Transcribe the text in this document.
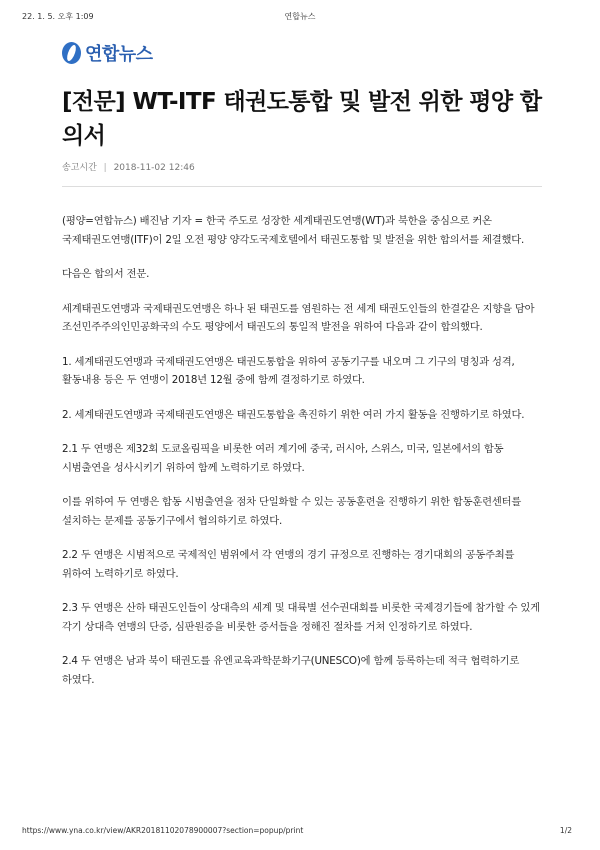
22. 1. 5. 오후 1:09	연합뉴스
연합뉴스
[전문] WT-ITF 태권도통합 및 발전 위한 평양 합의서
송고시간 | 2018-11-02 12:46

(평양=연합뉴스) 배진남 기자 = 한국 주도로 성장한 세계태권도연맹(WT)과 북한을 중심으로 커온 국제태권도연맹(ITF)이 2일 오전 평양 양각도국제호텔에서 태권도통합 및 발전을 위한 합의서를 체결했다.

다음은 합의서 전문.

세계태권도연맹과 국제태권도연맹은 하나 된 태권도를 염원하는 전 세계 태권도인들의 한결같은 지향을 담아 조선민주주의인민공화국의 수도 평양에서 태권도의 통일적 발전을 위하여 다음과 같이 합의했다.

1. 세계태권도연맹과 국제태권도연맹은 태권도통합을 위하여 공동기구를 내오며 그 기구의 명칭과 성격, 활동내용 등은 두 연맹이 2018년 12월 중에 함께 결정하기로 하였다.

2. 세계태권도연맹과 국제태권도연맹은 태권도통합을 촉진하기 위한 여러 가지 활동을 진행하기로 하였다.

2.1 두 연맹은 제32회 도쿄올림픽을 비롯한 여러 계기에 중국, 러시아, 스위스, 미국, 일본에서의 합동 시범출연을 성사시키기 위하여 함께 노력하기로 하였다.

이를 위하여 두 연맹은 합동 시범출연을 점차 단일화할 수 있는 공동훈련을 진행하기 위한 합동훈련센터를 설치하는 문제를 공동기구에서 협의하기로 하였다.

2.2 두 연맹은 시범적으로 국제적인 범위에서 각 연맹의 경기 규정으로 진행하는 경기대회의 공동주최를 위하여 노력하기로 하였다.

2.3 두 연맹은 산하 태권도인들이 상대측의 세계 및 대륙별 선수권대회를 비롯한 국제경기들에 참가할 수 있게 각기 상대측 연맹의 단증, 심판원증을 비롯한 증서들을 정해진 절차를 거쳐 인정하기로 하였다.

2.4 두 연맹은 남과 북이 태권도를 유엔교육과학문화기구(UNESCO)에 함께 등록하는데 적극 협력하기로 하였다.

https://www.yna.co.kr/view/AKR20181102078900007?section=popup/print	1/2
